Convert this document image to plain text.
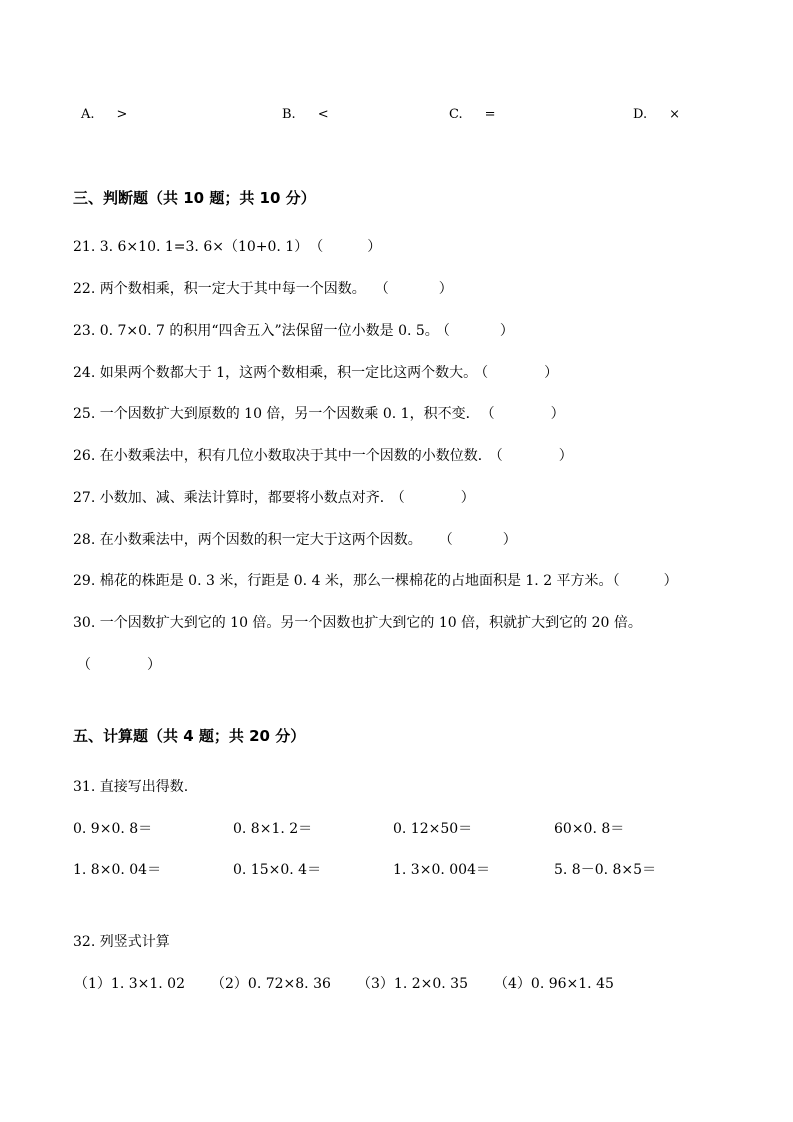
A. >	B. <	C. =	D. ×
三、判断题（共 10 题；共 10 分）
21. 3. 6×10. 1=3. 6×（10+0. 1） （	）
22. 两个数相乘，积一定大于其中每一个因数。 （	）
23. 0. 7×0. 7 的积用“四舍五入”法保留一位小数是 0. 5。 （	）
24. 如果两个数都大于 1，这两个数相乘，积一定比这两个数大。 （	）
25. 一个因数扩大到原数的 10 倍，另一个因数乘 0. 1，积不变． （	）
26. 在小数乘法中，积有几位小数取决于其中一个因数的小数位数． （	）
27. 小数加、减、乘法计算时，都要将小数点对齐． （	）
28. 在小数乘法中，两个因数的积一定大于这两个因数。 （	）
29. 棉花的株距是 0. 3 米，行距是 0. 4 米，那么一棵棉花的占地面积是 1. 2 平方米。（	）
30. 一个因数扩大到它的 10 倍。另一个因数也扩大到它的 10 倍，积就扩大到它的 20 倍。
（	）
五、计算题（共 4 题；共 20 分）
31. 直接写出得数.
0. 9×0. 8＝	0. 8×1. 2＝	0. 12×50＝	60×0. 8＝
1. 8×0. 04＝	0. 15×0. 4＝	1. 3×0. 004＝	5. 8－0. 8×5＝
32. 列竖式计算
（1）1. 3×1. 02 （2）0. 72×8. 36 （3）1. 2×0. 35 （4）0. 96×1. 45
